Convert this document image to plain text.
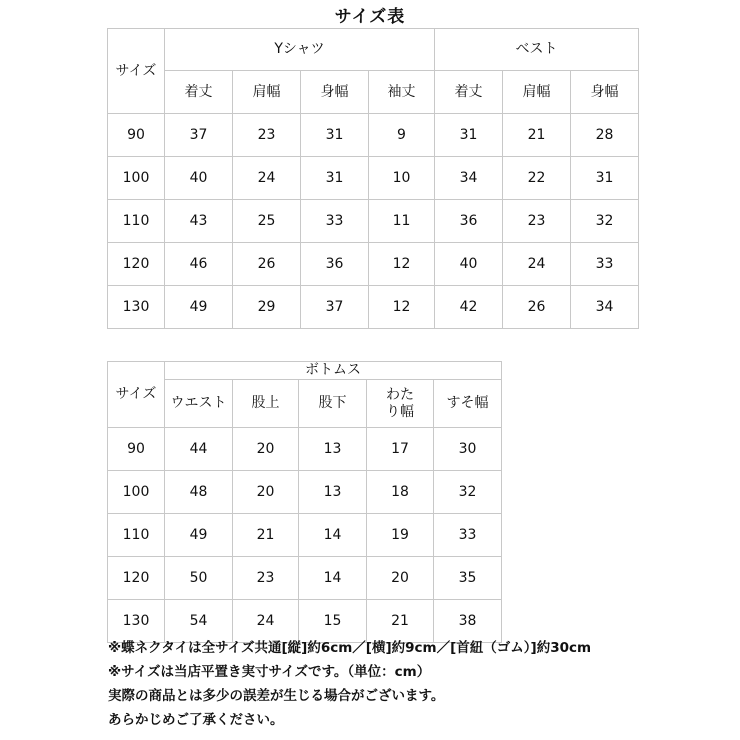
サイズ表
サイズ	Yシャツ				ベスト		
	着丈	肩幅	身幅	袖丈	着丈	肩幅	身幅
90	37	23	31	9	31	21	28
100	40	24	31	10	34	22	31
110	43	25	33	11	36	23	32
120	46	26	36	12	40	24	33
130	49	29	37	12	42	26	34
サイズ	ボトムス				
	ウエスト	股上	股下	わたり幅	すそ幅
90	44	20	13	17	30
100	48	20	13	18	32
110	49	21	14	19	33
120	50	23	14	20	35
130	54	24	15	21	38
※蝶ネクタイは全サイズ共通[縦]約6cm／[横]約9cm／[首紐（ゴム）]約30cm
※サイズは当店平置き実寸サイズです。（単位：cm）
実際の商品とは多少の誤差が生じる場合がございます。
あらかじめご了承ください。
